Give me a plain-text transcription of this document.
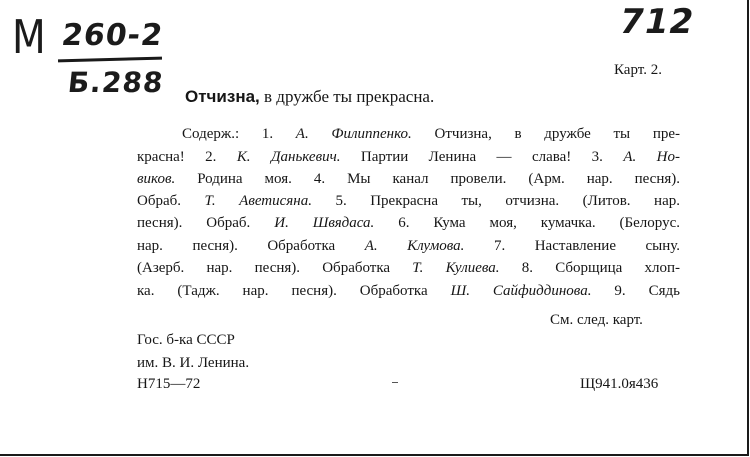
М 260-2
Б.288
712
Карт. 2.
Отчизна, в дружбе ты прекрасна.
Содерж.: 1. А. Филиппенко. Отчизна, в дружбе ты пре-
красна! 2. К. Данькевич. Партии Ленина — слава! 3. А. Но-
виков. Родина моя. 4. Мы канал провели. (Арм. нар. песня).
Обраб. Т. Аветисяна. 5. Прекрасна ты, отчизна. (Литов. нар.
песня). Обраб. И. Швядаса. 6. Кума моя, кумачка. (Белорус.
нар. песня). Обработка А. Клумова. 7. Наставление сыну.
(Азерб. нар. песня). Обработка Т. Кулиева. 8. Сборщица хлоп-
ка. (Тадж. нар. песня). Обработка Ш. Сайфиддинова. 9. Сядь
См. след. карт.
Гос. б-ка СССР
им. В. И. Ленина.
Н715—72	Щ941.0я436
